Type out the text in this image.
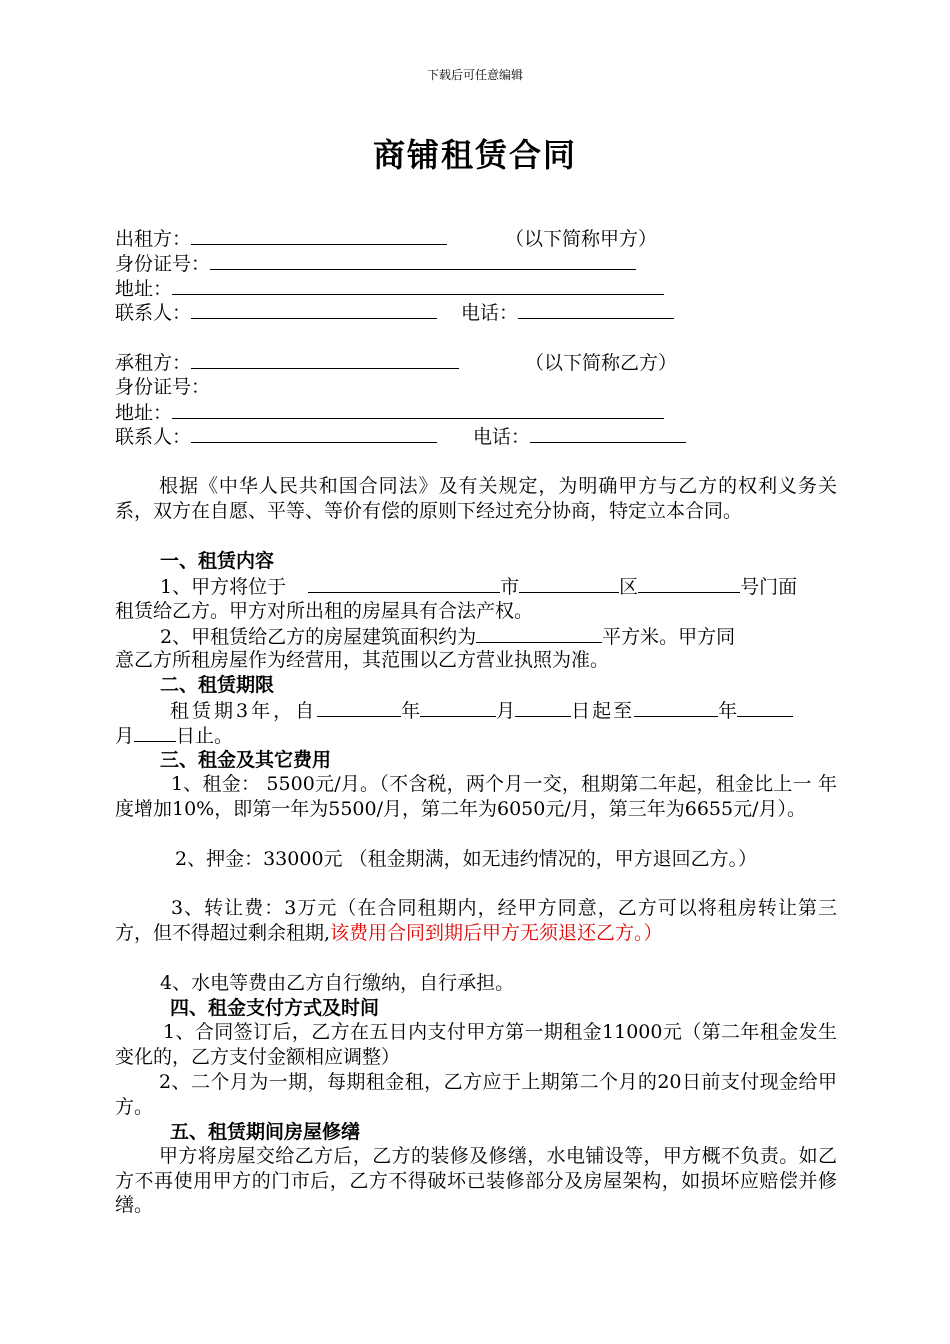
下载后可任意编辑
商铺租赁合同
出租方：	（以下简称甲方）
身份证号：
地址：
联系人：	电话：
承租方：	（以下简称乙方）
身份证号：
地址：
联系人：	电话：
根据《中华人民共和国合同法》及有关规定，为明确甲方与乙方的权利义务关系，双方在自愿、平等、等价有偿的原则下经过充分协商，特定立本合同。
一、租赁内容
1、甲方将位于	市	区	号门面
租赁给乙方。甲方对所出租的房屋具有合法产权。
2、甲租赁给乙方的房屋建筑面积约为	平方米。甲方同
意乙方所租房屋作为经营用，其范围以乙方营业执照为准。
二、租赁期限
租赁期3年，自	年	月	日起至	年
月 日止。
三、租金及其它费用
1、租金： 5500元/月。（不含税，两个月一交，租期第二年起，租金比上一 年度增加10%，即第一年为5500/月，第二年为6050元/月，第三年为6655元/月）。
2、押金：33000元 （租金期满，如无违约情况的，甲方退回乙方。）
3、转让费：3万元（在合同租期内，经甲方同意，乙方可以将租房转让第三方，但不得超过剩余租期,该费用合同到期后甲方无须退还乙方。）
4、水电等费由乙方自行缴纳，自行承担。
四、租金支付方式及时间
1、合同签订后，乙方在五日内支付甲方第一期租金11000元（第二年租金发生变化的，乙方支付金额相应调整）
2、二个月为一期，每期租金租，乙方应于上期第二个月的20日前支付现金给甲方。
五、租赁期间房屋修缮
甲方将房屋交给乙方后，乙方的装修及修缮，水电铺设等，甲方概不负责。如乙方不再使用甲方的门市后，乙方不得破坏已装修部分及房屋架构，如损坏应赔偿并修缮。
